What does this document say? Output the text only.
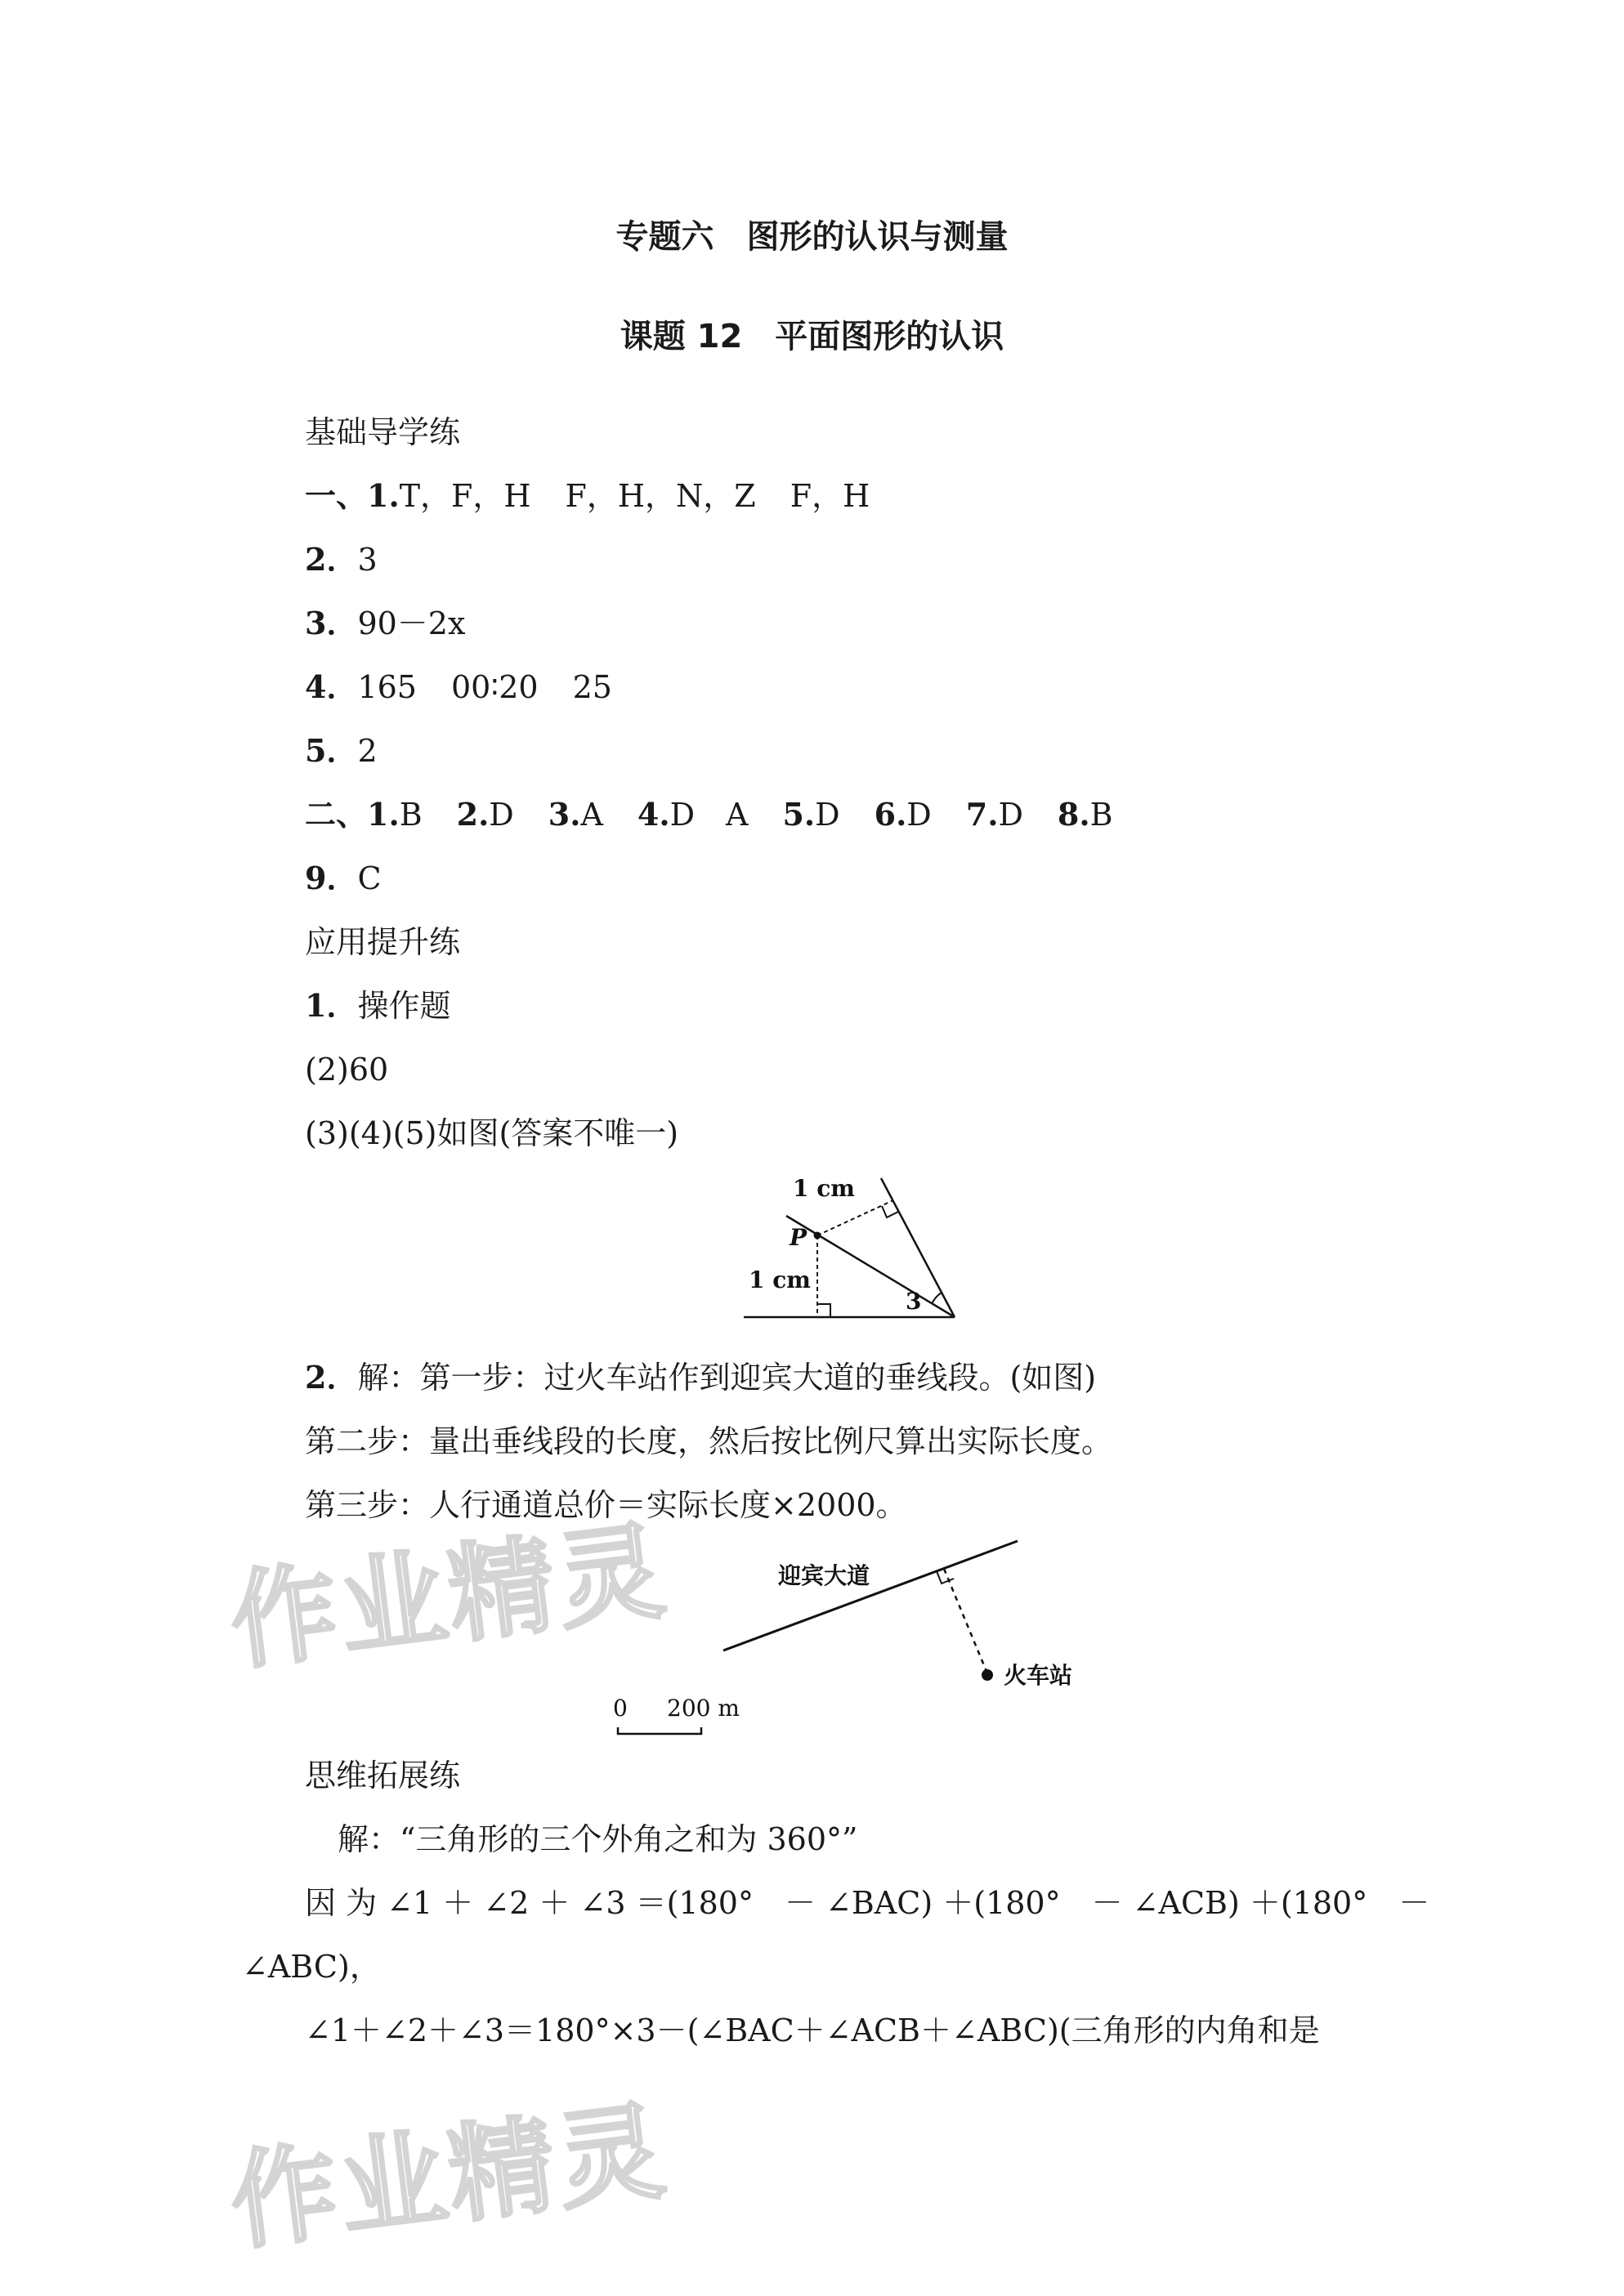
专题六　图形的认识与测量
课题 12　平面图形的认识
基础导学练
一、1.T，F，H F，H，N，Z F，H
2．3
3．90－2x
4．165 00∶20 25
5．2
二、1.B 2.D 3.A 4.D　A 5.D 6.D 7.D 8.B
9．C
应用提升练
1．操作题
(2)60
(3)(4)(5)如图(答案不唯一)
1 cm
1 cm
P
3
2．解：第一步：过火车站作到迎宾大道的垂线段。(如图)
第二步：量出垂线段的长度，然后按比例尺算出实际长度。
第三步：人行通道总价＝实际长度×2000。
迎宾大道
火车站
0 200 m
思维拓展练
解：“三角形的三个外角之和为 360°”
因 为 ∠1 ＋ ∠2 ＋ ∠3 ＝(180°　－ ∠BAC) ＋(180°　－ ∠ACB) ＋(180°　－
∠ABC)，
∠1＋∠2＋∠3＝180°×3－(∠BAC＋∠ACB＋∠ABC)(三角形的内角和是
作业精灵
作业精灵
